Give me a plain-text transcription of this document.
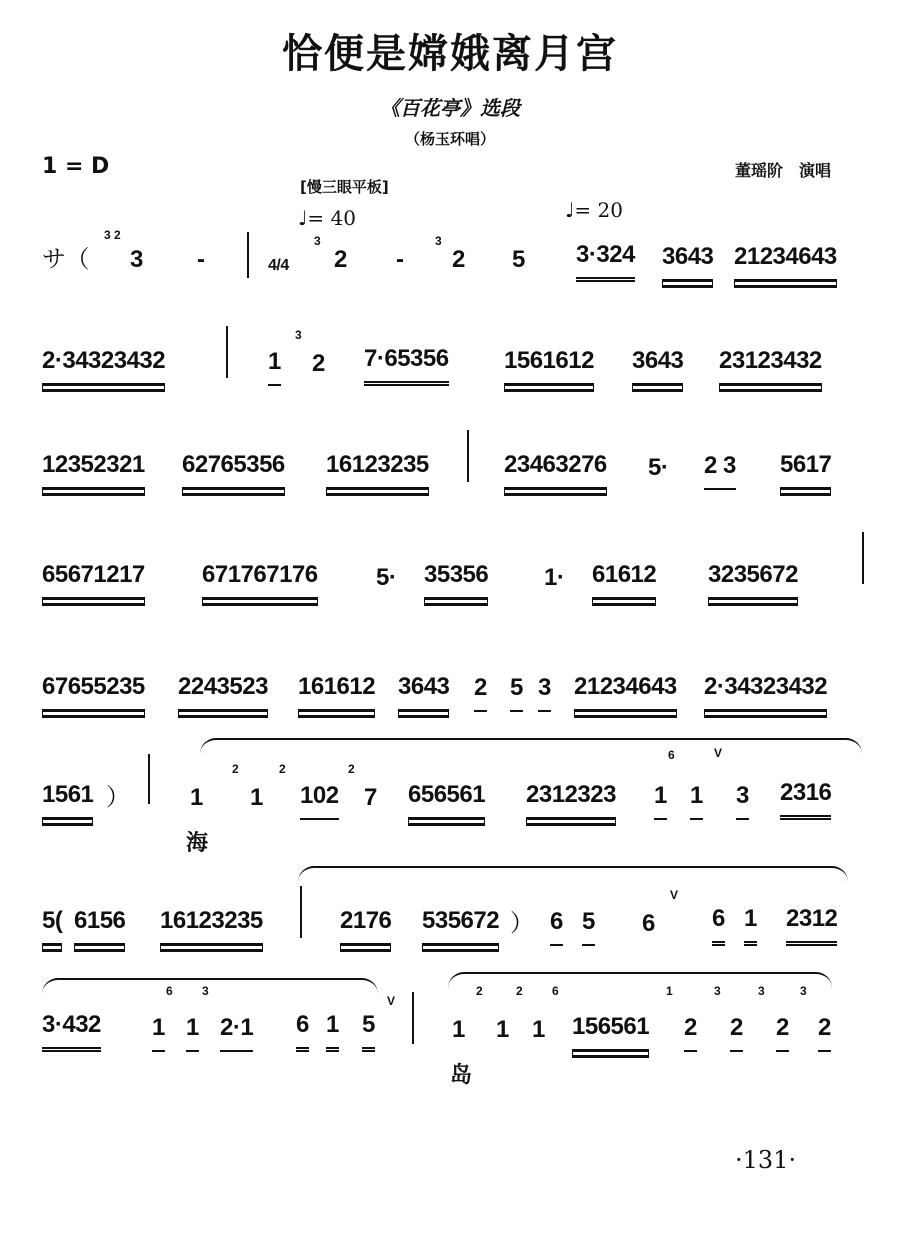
恰便是嫦娥离月宫
《百花亭》选段
（杨玉环唱）
1 = D	董瑶阶　演唱
[慢三眼平板]
♩= 40	♩= 20
3 2
サ（ 3 -	4/4
3
2 -
3
2 5 3·324 3643 21234643
2·34323432	1
3
2 7·65356 1561612 3643 23123432
12352321 62765356 16123235	23463276 5· 2 3 5617
65671217 671767176 5· 35356 1· 61612 3235672
67655235 2243523 161612 3643 2 5 3 21234643 2·34323432
1561 ）	1
2
1
2
102
2
7 656561 2312323
6
1 1
V
3 2316
海
5( 6156 16123235	2176 535672 ） 6 5 6
V
6 1 2312
3·432
6
1 1
3
2·1 6 1 5
V
1
2
1
2
1
6
156561
1
2
3
2
3
2
3
2
岛
·131·
